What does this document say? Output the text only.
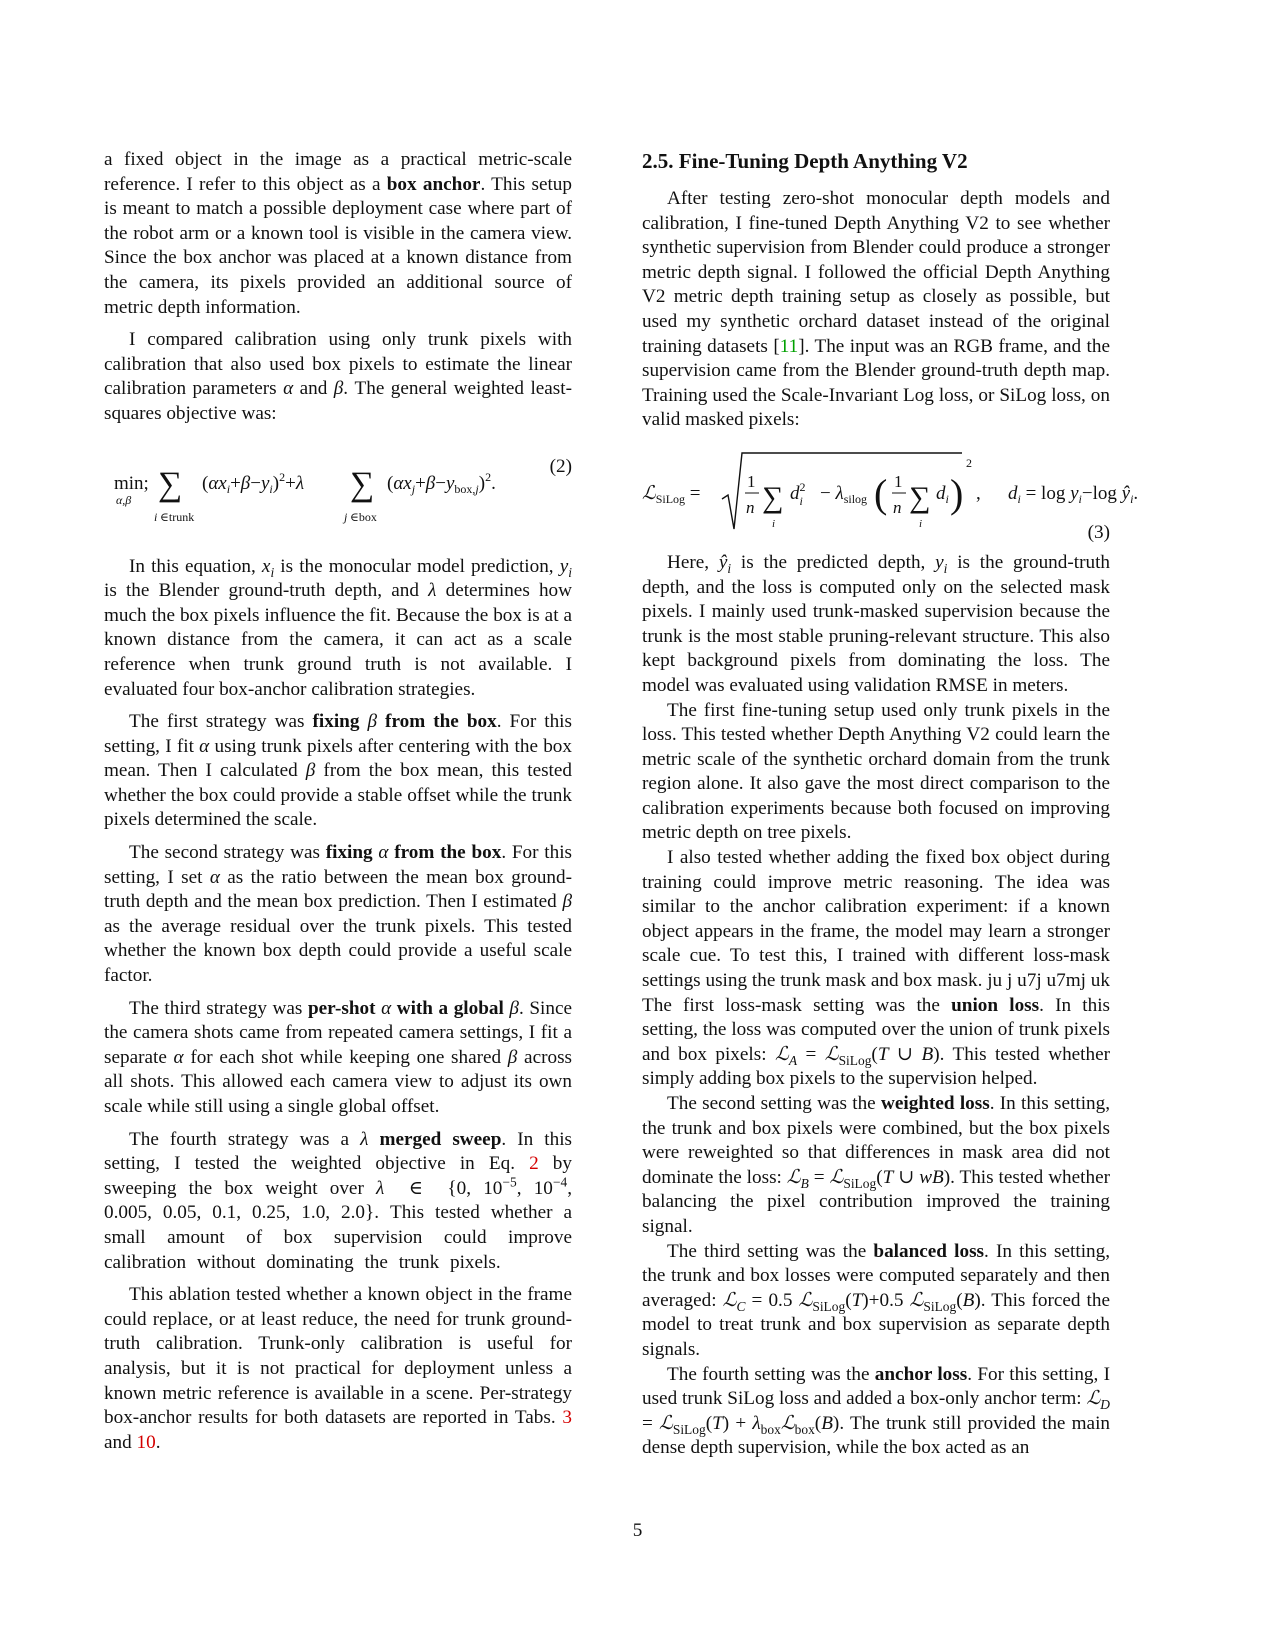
a fixed object in the image as a practical metric-scale reference. I refer to this object as a box anchor. This setup is meant to match a possible deployment case where part of the robot arm or a known tool is visible in the camera view. Since the box anchor was placed at a known distance from the camera, its pixels provided an additional source of metric depth information.

I compared calibration using only trunk pixels with calibration that also used box pixels to estimate the linear calibration parameters α and β. The general weighted least-squares objective was:

min;
α,β ∑
i ∈trunk
$(\alpha x_i+\beta-y_i)^2+\lambda$ ∑
j ∈box
$(\alpha x_j+\beta-y_{box,}j)^2$.
(2)

In this equation, $x_i$ is the monocular model prediction, $y_i$ is the Blender ground-truth depth, and λ determines how much the box pixels influence the fit. Because the box is at a known distance from the camera, it can act as a scale reference when trunk ground truth is not available. I evaluated four box-anchor calibration strategies.

The first strategy was fixing β from the box. For this setting, I fit α using trunk pixels after centering with the box mean. Then I calculated β from the box mean, this tested whether the box could provide a stable offset while the trunk pixels determined the scale.

The second strategy was fixing α from the box. For this setting, I set α as the ratio between the mean box ground-truth depth and the mean box prediction. Then I estimated β as the average residual over the trunk pixels. This tested whether the known box depth could provide a useful scale factor.

The third strategy was per-shot α with a global β. Since the camera shots came from repeated camera settings, I fit a separate α for each shot while keeping one shared β across all shots. This allowed each camera view to adjust its own scale while still using a single global offset.

The fourth strategy was a λ merged sweep. In this setting, I tested the weighted objective in Eq. 2 by sweeping the box weight over λ  ∈  {0, $10^{-5}$, $10^{-4}$, 0.005, 0.05, 0.1, 0.25, 1.0, 2.0}. This tested whether a small amount of box supervision could improve calibration without dominating the trunk pixels.

This ablation tested whether a known object in the frame could replace, or at least reduce, the need for trunk ground-truth calibration. Trunk-only calibration is useful for analysis, but it is not practical for deployment unless a known metric reference is available in a scene. Per-strategy box-anchor results for both datasets are reported in Tabs. 3 and 10.

2.5. Fine-Tuning Depth Anything V2

After testing zero-shot monocular depth models and calibration, I fine-tuned Depth Anything V2 to see whether synthetic supervision from Blender could produce a stronger metric depth signal. I followed the official Depth Anything V2 metric depth training setup as closely as possible, but used my synthetic orchard dataset instead of the original training datasets [11]. The input was an RGB frame, and the supervision came from the Blender ground-truth depth map. Training used the Scale-Invariant Log loss, or SiLog loss, on valid masked pixels:

ℒ$_{SiLog}$ =
1
n ∑
i
$d^2$ $i - \lambda_{silog}$ ( 1
n ∑
i
$d_i$ )
2
, $d_i = \log y_i-\log$ $ŷ_i$.
(3)

Here, $ŷ_i$ is the predicted depth, $y_i$ is the ground-truth depth, and the loss is computed only on the selected mask pixels. I mainly used trunk-masked supervision because the trunk is the most stable pruning-relevant structure. This also kept background pixels from dominating the loss. The model was evaluated using validation RMSE in meters.

The first fine-tuning setup used only trunk pixels in the loss. This tested whether Depth Anything V2 could learn the metric scale of the synthetic orchard domain from the trunk region alone. It also gave the most direct comparison to the calibration experiments because both focused on improving metric depth on tree pixels.

I also tested whether adding the fixed box object during training could improve metric reasoning. The idea was similar to the anchor calibration experiment: if a known object appears in the frame, the model may learn a stronger scale cue. To test this, I trained with different loss-mask settings using the trunk mask and box mask. ju j u7j u7mj uk The first loss-mask setting was the union loss. In this setting, the loss was computed over the union of trunk pixels and box pixels: ℒ$_A$ = ℒ$_{SiLog}$(T ∪ B). This tested whether simply adding box pixels to the supervision helped.

The second setting was the weighted loss. In this setting, the trunk and box pixels were combined, but the box pixels were reweighted so that differences in mask area did not dominate the loss: ℒ$_B$ = ℒ$_{SiLog}$(T ∪ wB). This tested whether balancing the pixel contribution improved the training signal.

The third setting was the balanced loss. In this setting, the trunk and box losses were computed separately and then averaged: ℒ$_C$ = 0.5 ℒ$_{SiLog}$(T)+0.5 ℒ$_{SiLog}$(B). This forced the model to treat trunk and box supervision as separate depth signals.

The fourth setting was the anchor loss. For this setting, I used trunk SiLog loss and added a box-only anchor term: ℒ$_D$ = ℒ$_{SiLog}$(T) + $\lambda_{box}ℒ_{box}(B)$. The trunk still provided the main dense depth supervision, while the box acted as an

5
